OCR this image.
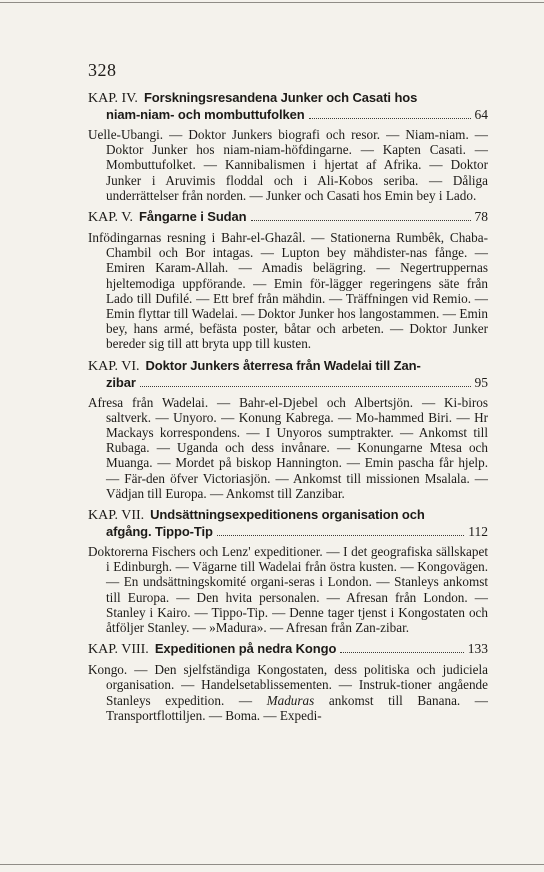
328
KAP. IV. Forskningsresandena Junker och Casati hos
niam-niam- och mombuttufolken	64
Uelle-Ubangi. — Doktor Junkers biografi och resor. — Niam-niam. — Doktor Junker hos niam-niam-höfdingarne. — Kapten Casati. — Mombuttufolket. — Kannibalismen i hjertat af Afrika. — Doktor Junker i Aruvimis floddal och i Ali-Kobos seriba. — Dåliga underrättelser från norden. — Junker och Casati hos Emin bey i Lado.
KAP. V. Fångarne i Sudan	78
Infödingarnas resning i Bahr-el-Ghazâl. — Stationerna Rumbêk, Chaba-Chambil och Bor intagas. — Lupton bey mähdister-nas fånge. — Emiren Karam-Allah. — Amadis belägring. — Negertruppernas hjeltemodiga uppförande. — Emin för-lägger regeringens säte från Lado till Dufilé. — Ett bref från mähdin. — Träffningen vid Remio. — Emin flyttar till Wadelai. — Doktor Junker hos langostammen. — Emin bey, hans armé, befästa poster, båtar och arbeten. — Doktor Junker bereder sig till att bryta upp till kusten.
KAP. VI. Doktor Junkers återresa från Wadelai till Zan-
zibar	95
Afresa från Wadelai. — Bahr-el-Djebel och Albertsjön. — Ki-biros saltverk. — Unyoro. — Konung Kabrega. — Mo-hammed Biri. — Hr Mackays korrespondens. — I Unyoros sumptrakter. — Ankomst till Rubaga. — Uganda och dess invånare. — Konungarne Mtesa och Muanga. — Mordet på biskop Hannington. — Emin pascha får hjelp. — Fär-den öfver Victoriasjön. — Ankomst till missionen Msalala. — Vädjan till Europa. — Ankomst till Zanzibar.
KAP. VII. Undsättningsexpeditionens organisation och
afgång. Tippo-Tip	112
Doktorerna Fischers och Lenz' expeditioner. — I det geografiska sällskapet i Edinburgh. — Vägarne till Wadelai från östra kusten. — Kongovägen. — En undsättningskomité organi-seras i London. — Stanleys ankomst till Europa. — Den hvita personalen. — Afresan från London. — Stanley i Kairo. — Tippo-Tip. — Denne tager tjenst i Kongostaten och åtföljer Stanley. — »Madura». — Afresan från Zan-zibar.
KAP. VIII. Expeditionen på nedra Kongo	133
Kongo. — Den sjelfständiga Kongostaten, dess politiska och judiciela organisation. — Handelsetablissementen. — Instruk-tioner angående Stanleys expedition. — Maduras ankomst till Banana. — Transportflottiljen. — Boma. — Expedi-
